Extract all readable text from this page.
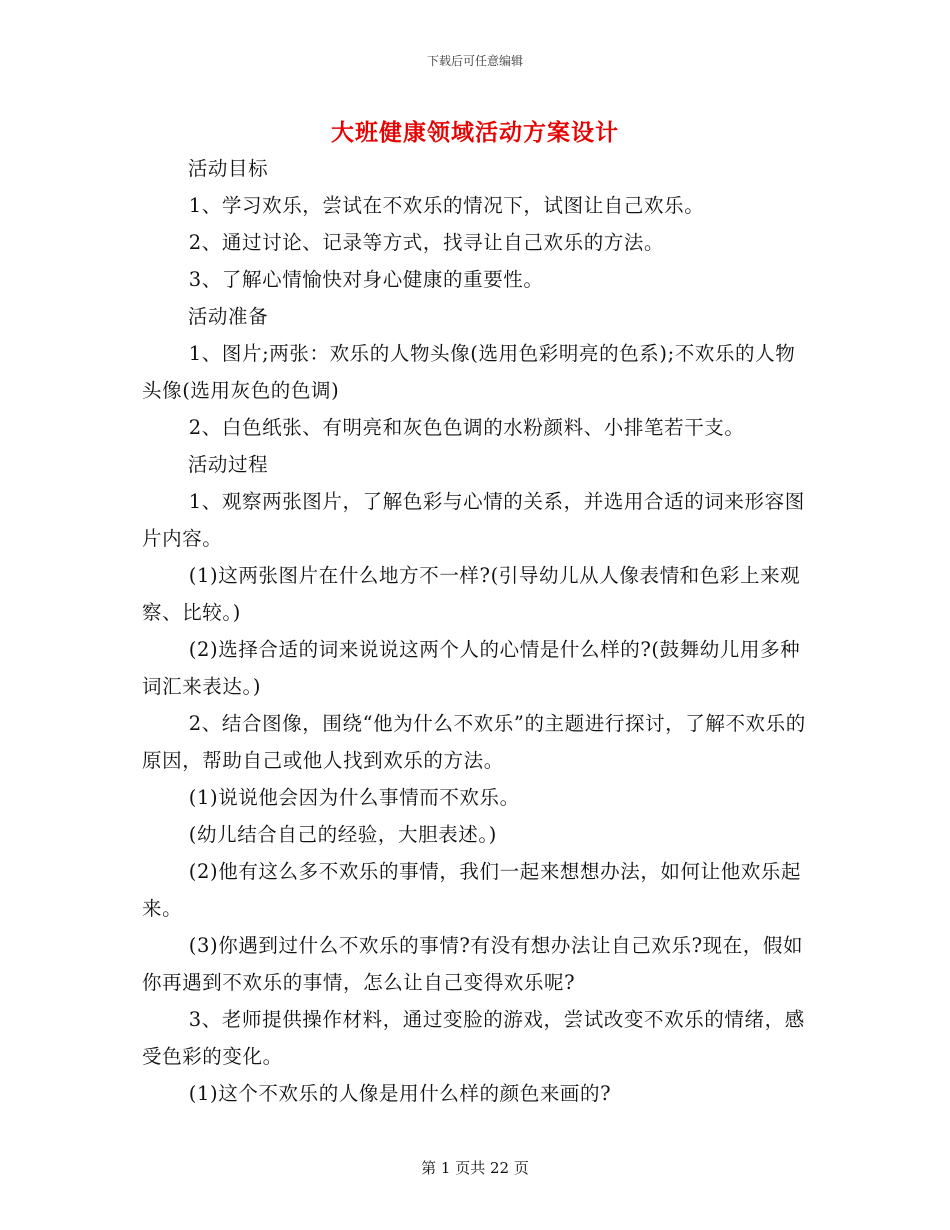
下载后可任意编辑
大班健康领域活动方案设计

活动目标

1、学习欢乐，尝试在不欢乐的情况下，试图让自己欢乐。

2、通过讨论、记录等方式，找寻让自己欢乐的方法。

3、了解心情愉快对身心健康的重要性。

活动准备

1、图片;两张：欢乐的人物头像(选用色彩明亮的色系);不欢乐的人物头像(选用灰色的色调)

2、白色纸张、有明亮和灰色色调的水粉颜料、小排笔若干支。

活动过程

1、观察两张图片，了解色彩与心情的关系，并选用合适的词来形容图片内容。

(1)这两张图片在什么地方不一样?(引导幼儿从人像表情和色彩上来观察、比较。)

(2)选择合适的词来说说这两个人的心情是什么样的?(鼓舞幼儿用多种词汇来表达。)

2、结合图像，围绕“他为什么不欢乐”的主题进行探讨，了解不欢乐的原因，帮助自己或他人找到欢乐的方法。

(1)说说他会因为什么事情而不欢乐。

(幼儿结合自己的经验，大胆表述。)

(2)他有这么多不欢乐的事情，我们一起来想想办法，如何让他欢乐起来。

(3)你遇到过什么不欢乐的事情?有没有想办法让自己欢乐?现在，假如你再遇到不欢乐的事情，怎么让自己变得欢乐呢?

3、老师提供操作材料，通过变脸的游戏，尝试改变不欢乐的情绪，感受色彩的变化。

(1)这个不欢乐的人像是用什么样的颜色来画的?

第 1 页共 22 页
